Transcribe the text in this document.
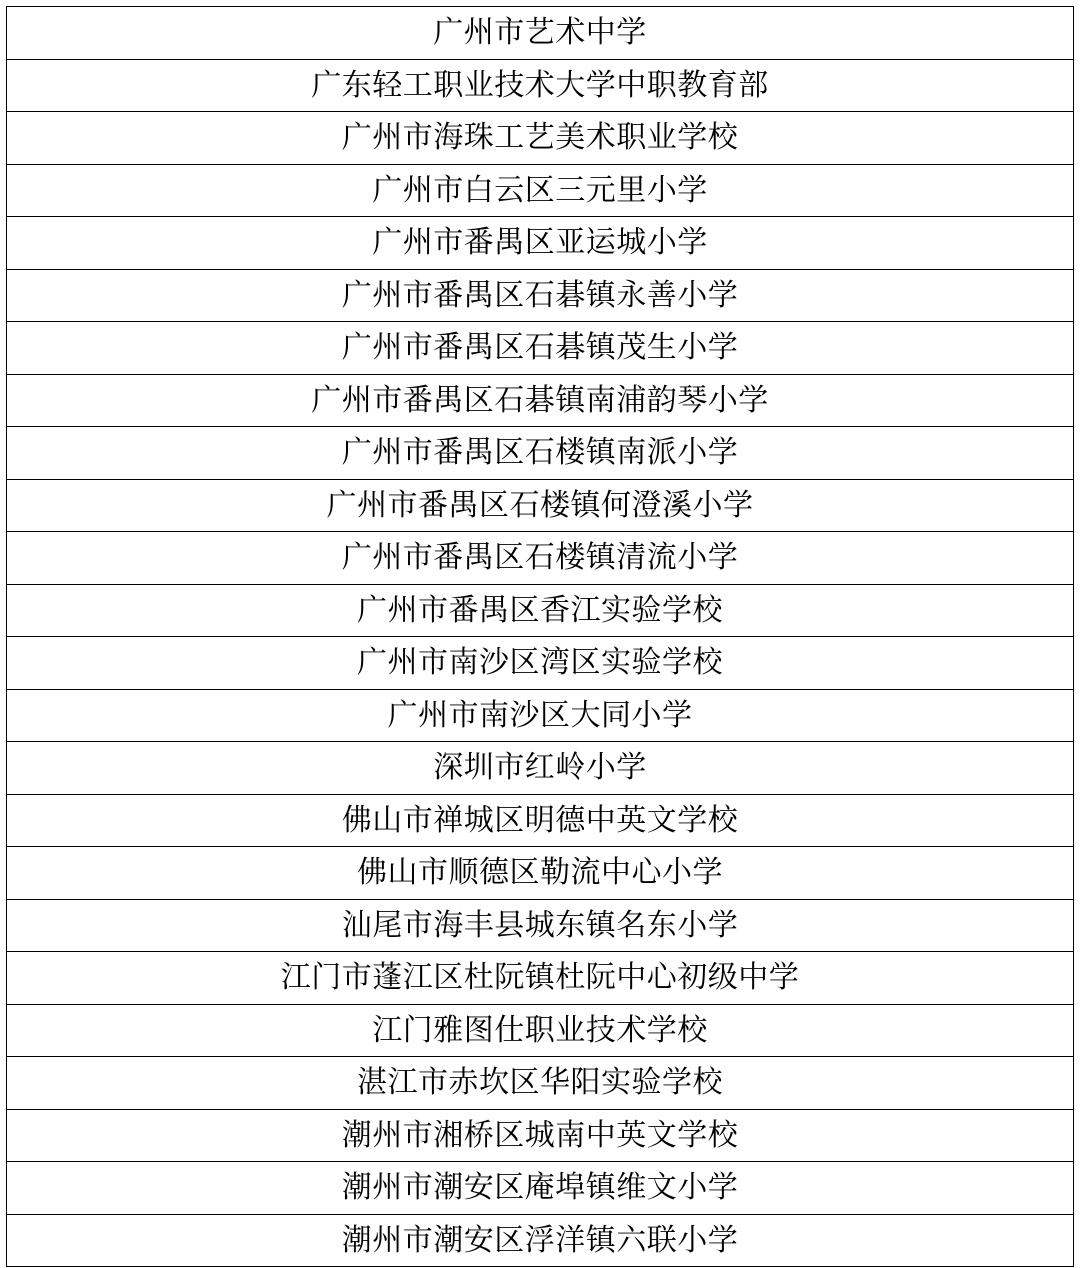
广州市艺术中学
广东轻工职业技术大学中职教育部
广州市海珠工艺美术职业学校
广州市白云区三元里小学
广州市番禺区亚运城小学
广州市番禺区石碁镇永善小学
广州市番禺区石碁镇茂生小学
广州市番禺区石碁镇南浦韵琴小学
广州市番禺区石楼镇南派小学
广州市番禺区石楼镇何澄溪小学
广州市番禺区石楼镇清流小学
广州市番禺区香江实验学校
广州市南沙区湾区实验学校
广州市南沙区大同小学
深圳市红岭小学
佛山市禅城区明德中英文学校
佛山市顺德区勒流中心小学
汕尾市海丰县城东镇名东小学
江门市蓬江区杜阮镇杜阮中心初级中学
江门雅图仕职业技术学校
湛江市赤坎区华阳实验学校
潮州市湘桥区城南中英文学校
潮州市潮安区庵埠镇维文小学
潮州市潮安区浮洋镇六联小学
